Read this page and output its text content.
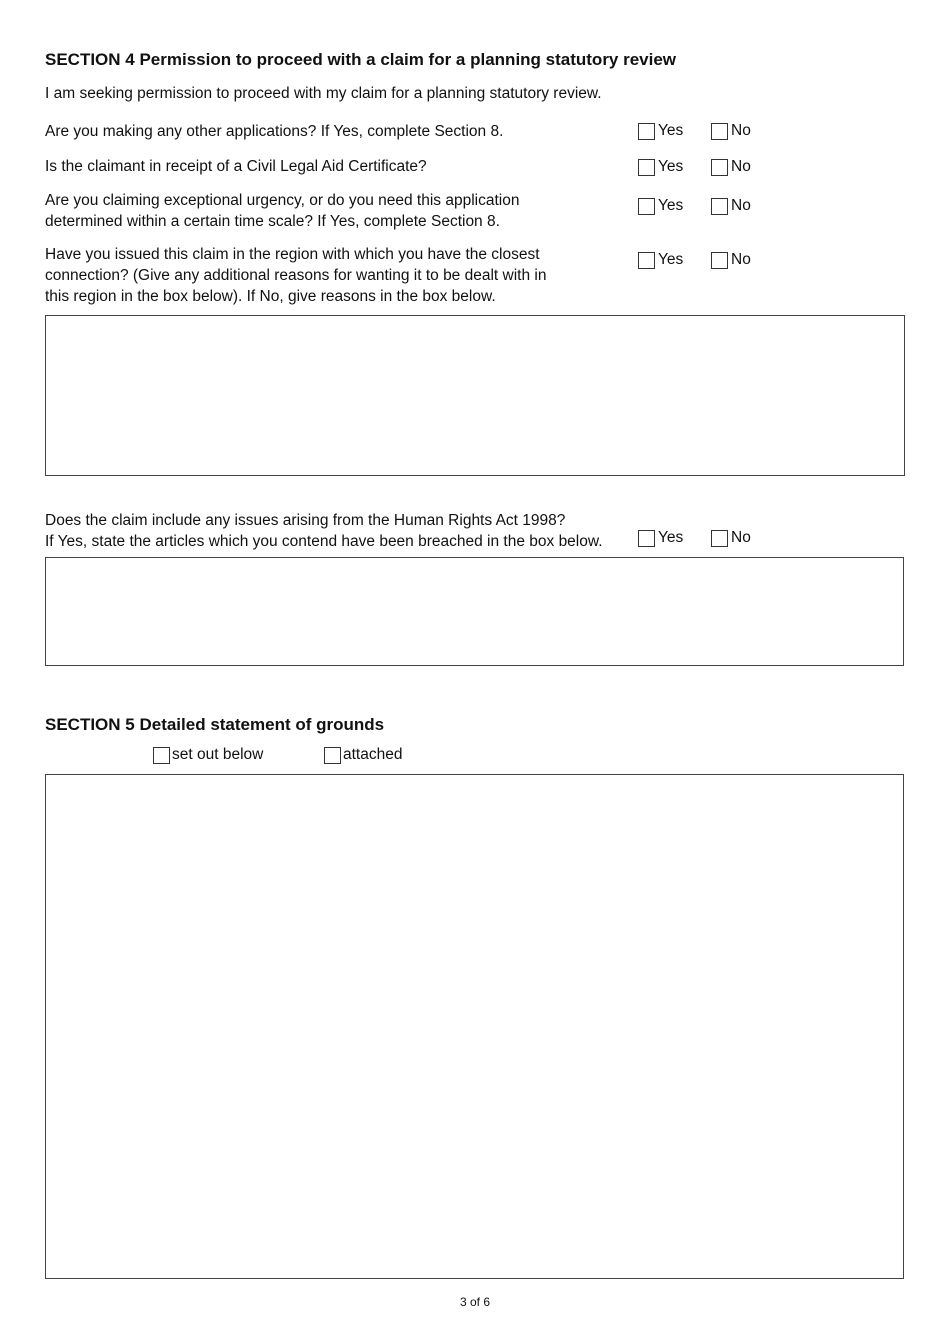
SECTION 4 Permission to proceed with a claim for a planning statutory review
I am seeking permission to proceed with my claim for a planning statutory review.
Are you making any other applications? If Yes, complete Section 8.	Yes	No
Is the claimant in receipt of a Civil Legal Aid Certificate?	Yes	No
Are you claiming exceptional urgency, or do you need this application
determined within a certain time scale? If Yes, complete Section 8.
Yes	No
Have you issued this claim in the region with which you have the closest
connection? (Give any additional reasons for wanting it to be dealt with in
this region in the box below). If No, give reasons in the box below.
Yes	No
Does the claim include any issues arising from the Human Rights Act 1998?
If Yes, state the articles which you contend have been breached in the box below.	Yes	No
SECTION 5 Detailed statement of grounds
set out below	attached
3 of 6
